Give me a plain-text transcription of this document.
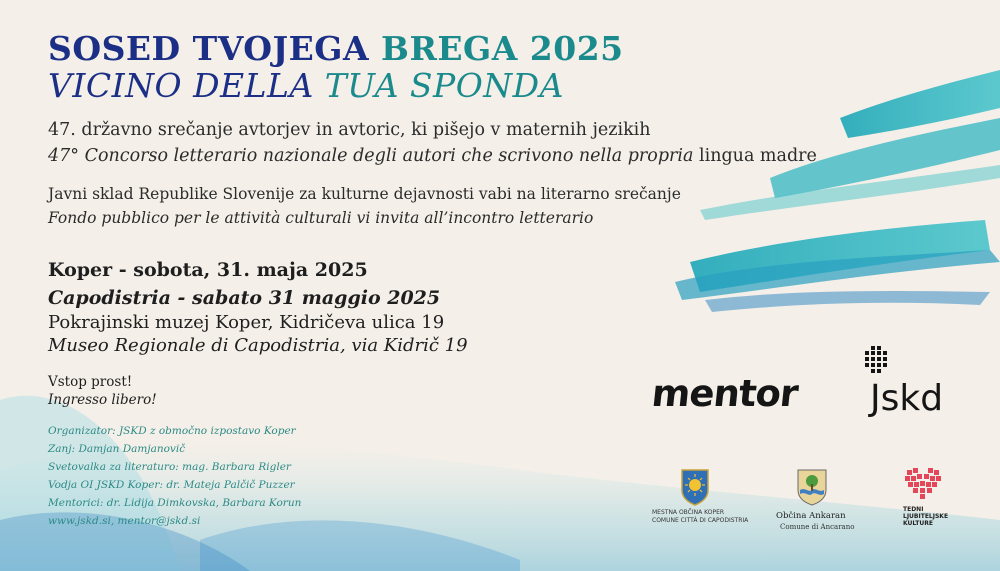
SOSED TVOJEGA BREGA 2025
VICINO DELLA TUA SPONDA

47. državno srečanje avtorjev in avtoric, ki pišejo v maternih jezikih

47° Concorso letterario nazionale degli autori che scrivono nella propria lingua madre

Javni sklad Republike Slovenije za kulturne dejavnosti vabi na literarno srečanje

Fondo pubblico per le attività culturali vi invita all’incontro letterario

Koper - sobota, 31. maja 2025

Capodistria - sabato 31 maggio 2025

Pokrajinski muzej Koper, Kidričeva ulica 19

Museo Regionale di Capodistria, via Kidrič 19

Vstop prost!

Ingresso libero!

Organizator: JSKD z območno izpostavo Koper

Zanj: Damjan Damjanovič

Svetovalka za literaturo: mag. Barbara Rigler

Vodja OI JSKD Koper: dr. Mateja Palčič Puzzer

Mentorici: dr. Lidija Dimkovska, Barbara Korun

www.jskd.si, mentor@jskd.si

mentor Jskd

MESTNA OBČINA KOPER
COMUNE CITTÀ DI CAPODISTRIA	Občina Ankaran
Comune di Ancarano
TEDNI
LJUBITELJSKE
KULTURE
